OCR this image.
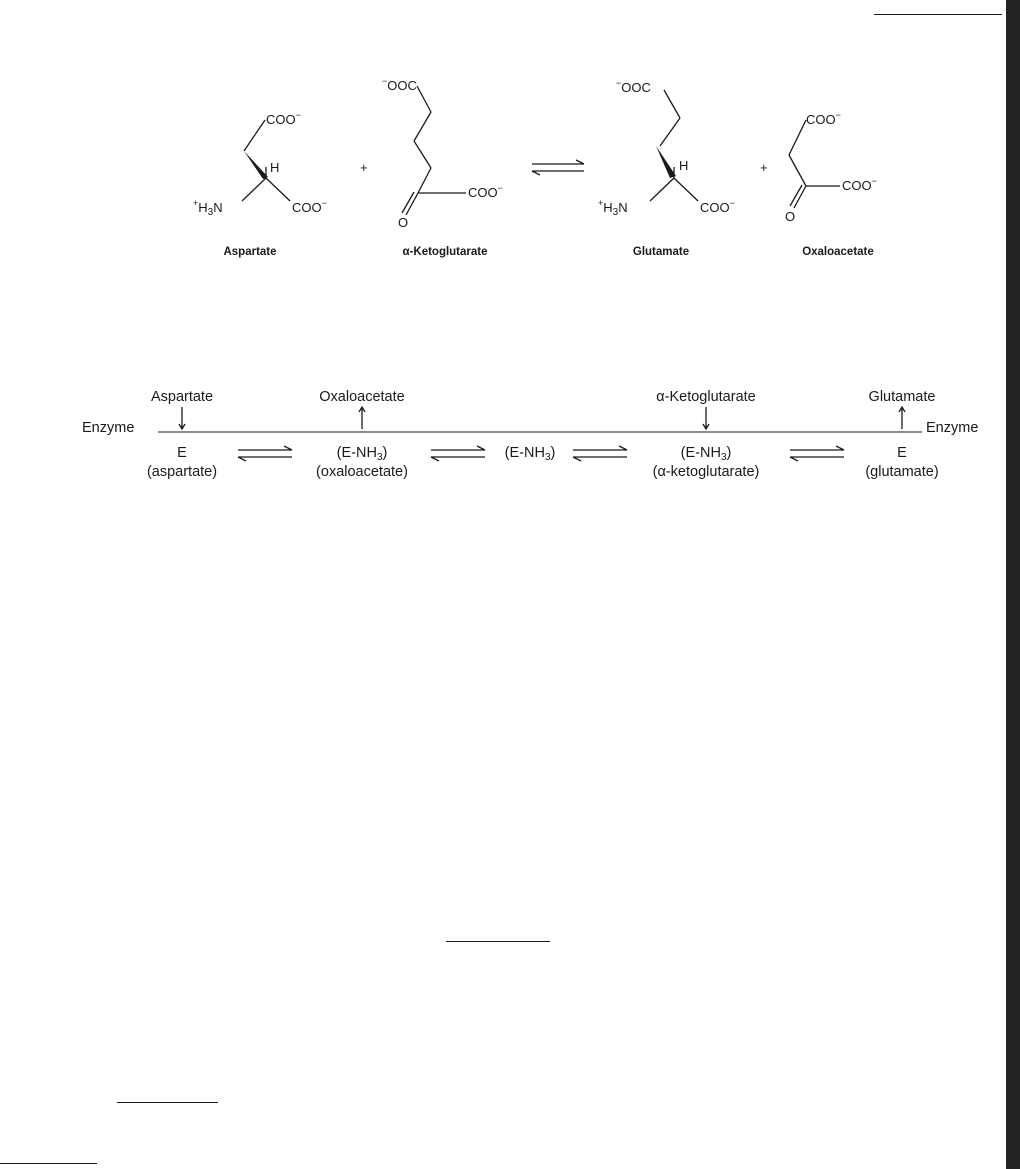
COO−
H
$^+H_3N$	COO−
Aspartate
+
−OOC
O
COO−
α-Ketoglutarate
−OOC
H
$^+H_3N$	COO−
Glutamate
+
COO−
O
COO−
Oxaloacetate
Enzyme	Enzyme
Aspartate	α-Ketoglutarate
Oxaloacetate	Glutamate
E
(aspartate)
$(E-NH_3)$
(oxaloacetate)
$(E-NH_3)$	$(E-NH_3)$
(α-ketoglutarate)
E
(glutamate)
